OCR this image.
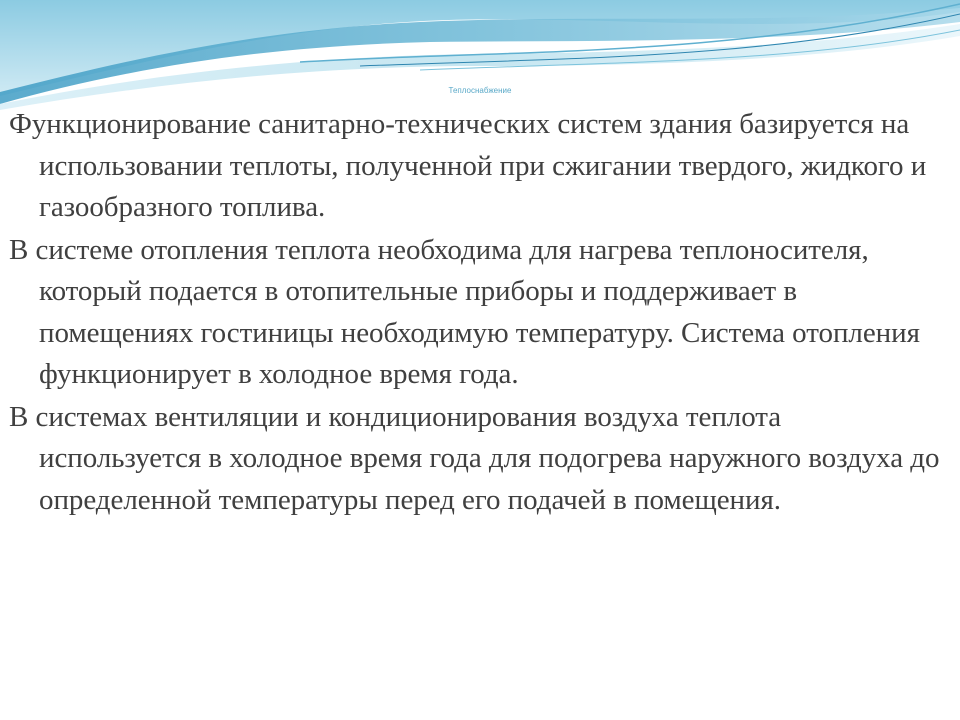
Теплоснабжение

Функционирование санитарно-технических систем здания базируется на использовании теплоты, полученной при сжигании твердого, жидкого и газообразного топлива.

В системе отопления теплота необходима для нагрева теплоносителя, который подается в отопительные приборы и поддерживает в помещениях гостиницы необходимую температуру. Система отопления функционирует в холодное время года.

В системах вентиляции и кондиционирования воздуха теплота используется в холодное время года для подогрева наружного воздуха до определенной температуры перед его подачей в помещения.
